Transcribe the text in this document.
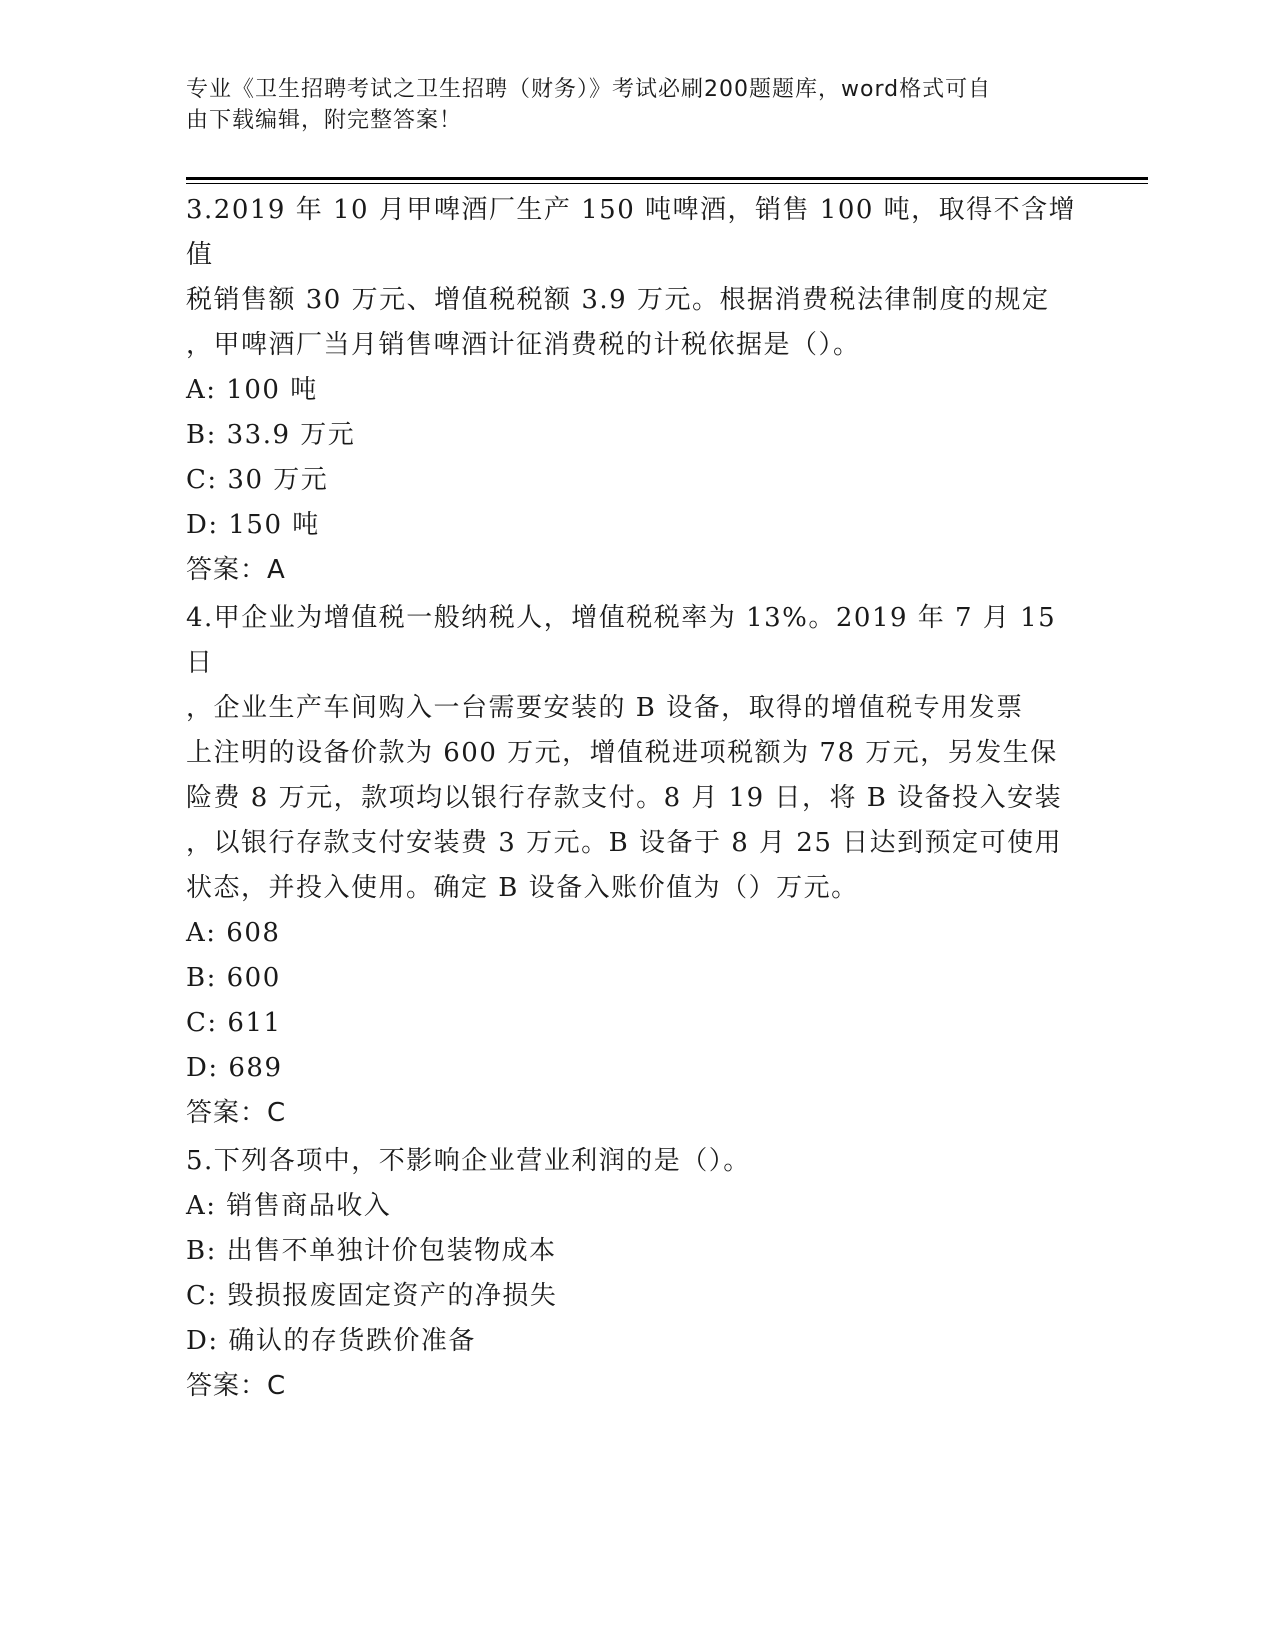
专业《卫生招聘考试之卫生招聘（财务）》考试必刷200题题库，word格式可自
由下载编辑，附完整答案！

3.2019 年 10 月甲啤酒厂生产 150 吨啤酒，销售 100 吨，取得不含增值

税销售额 30 万元、增值税税额 3.9 万元。根据消费税法律制度的规定

，甲啤酒厂当月销售啤酒计征消费税的计税依据是（）。

A: 100 吨

B: 33.9 万元

C: 30 万元

D: 150 吨

答案：A

4.甲企业为增值税一般纳税人，增值税税率为 13%。2019 年 7 月 15 日

，企业生产车间购入一台需要安装的 B 设备，取得的增值税专用发票

上注明的设备价款为 600 万元，增值税进项税额为 78 万元，另发生保

险费 8 万元，款项均以银行存款支付。8 月 19 日，将 B 设备投入安装

，以银行存款支付安装费 3 万元。B 设备于 8 月 25 日达到预定可使用

状态，并投入使用。确定 B 设备入账价值为（）万元。

A: 608

B: 600

C: 611

D: 689

答案：C

5.下列各项中，不影响企业营业利润的是（）。

A: 销售商品收入

B: 出售不单独计价包装物成本

C: 毁损报废固定资产的净损失

D: 确认的存货跌价准备

答案：C
